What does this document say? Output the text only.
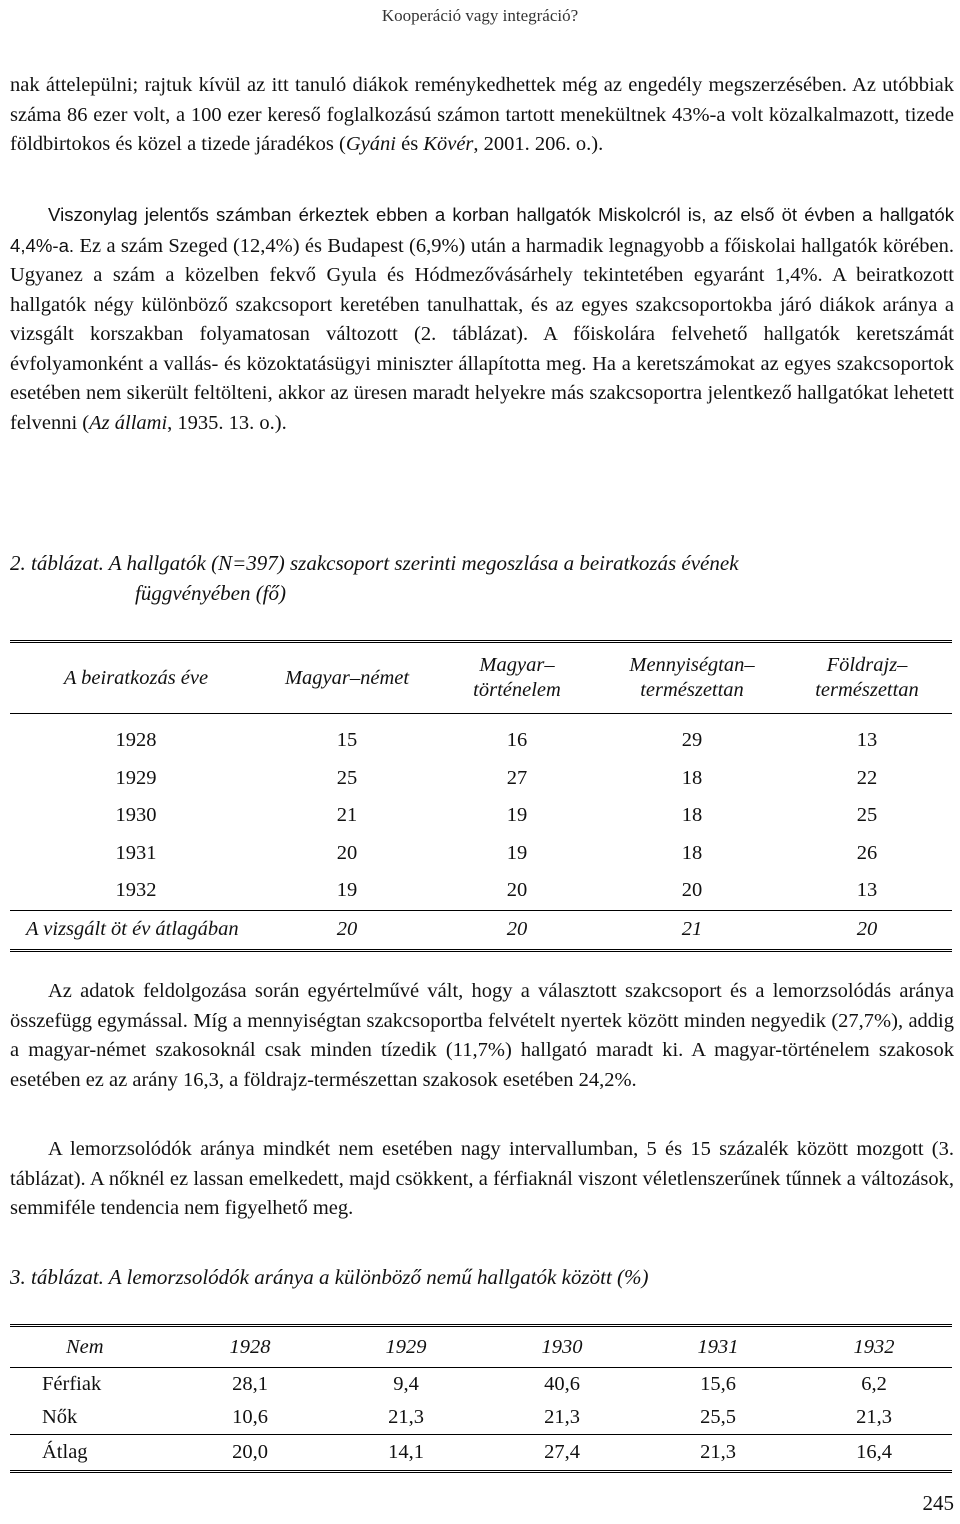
Kooperáció vagy integráció?

nak áttelepülni; rajtuk kívül az itt tanuló diákok reménykedhettek még az engedély megszerzésében. Az utóbbiak száma 86 ezer volt, a 100 ezer kereső foglalkozású számon tartott menekültnek 43%-a volt közalkalmazott, tizede földbirtokos és közel a tizede járadékos (Gyáni és Kövér, 2001. 206. o.).

Viszonylag jelentős számban érkeztek ebben a korban hallgatók Miskolcról is, az első öt évben a hallgatók 4,4%-a. Ez a szám Szeged (12,4%) és Budapest (6,9%) után a harmadik legnagyobb a főiskolai hallgatók körében. Ugyanez a szám a közelben fekvő Gyula és Hódmezővásárhely tekintetében egyaránt 1,4%. A beiratkozott hallgatók négy különböző szakcsoport keretében tanulhattak, és az egyes szakcsoportokba járó diákok aránya a vizsgált korszakban folyamatosan változott (2. táblázat). A főiskolára felvehető hallgatók keretszámát évfolyamonként a vallás- és közoktatásügyi miniszter állapította meg. Ha a keretszámokat az egyes szakcsoportok esetében nem sikerült feltölteni, akkor az üresen maradt helyekre más szakcsoportra jelentkező hallgatókat lehetett felvenni (Az állami, 1935. 13. o.).

2. táblázat. A hallgatók (N=397) szakcsoport szerinti megoszlása a beiratkozás évének
függvényében (fő)

A beiratkozás éve	Magyar–német	Magyar– történelem	Mennyiségtan– természettan	Földrajz– természettan
1928	15	16	29	13
1929	25	27	18	22
1930	21	19	18	25
1931	20	19	18	26
1932	19	20	20	13
A vizsgált öt év átlagában	20	20	21	20

Az adatok feldolgozása során egyértelművé vált, hogy a választott szakcsoport és a lemorzsolódás aránya összefügg egymással. Míg a mennyiségtan szakcsoportba felvételt nyertek között minden negyedik (27,7%), addig a magyar-német szakosoknál csak minden tízedik (11,7%) hallgató maradt ki. A magyar-történelem szakosok esetében ez az arány 16,3, a földrajz-természettan szakosok esetében 24,2%.

A lemorzsolódók aránya mindkét nem esetében nagy intervallumban, 5 és 15 százalék között mozgott (3. táblázat). A nőknél ez lassan emelkedett, majd csökkent, a férfiaknál viszont véletlenszerűnek tűnnek a változások, semmiféle tendencia nem figyelhető meg.

3. táblázat. A lemorzsolódók aránya a különböző nemű hallgatók között (%)

Nem	1928	1929	1930	1931	1932
Férfiak	28,1	9,4	40,6	15,6	6,2
Nők	10,6	21,3	21,3	25,5	21,3
Átlag	20,0	14,1	27,4	21,3	16,4
245
